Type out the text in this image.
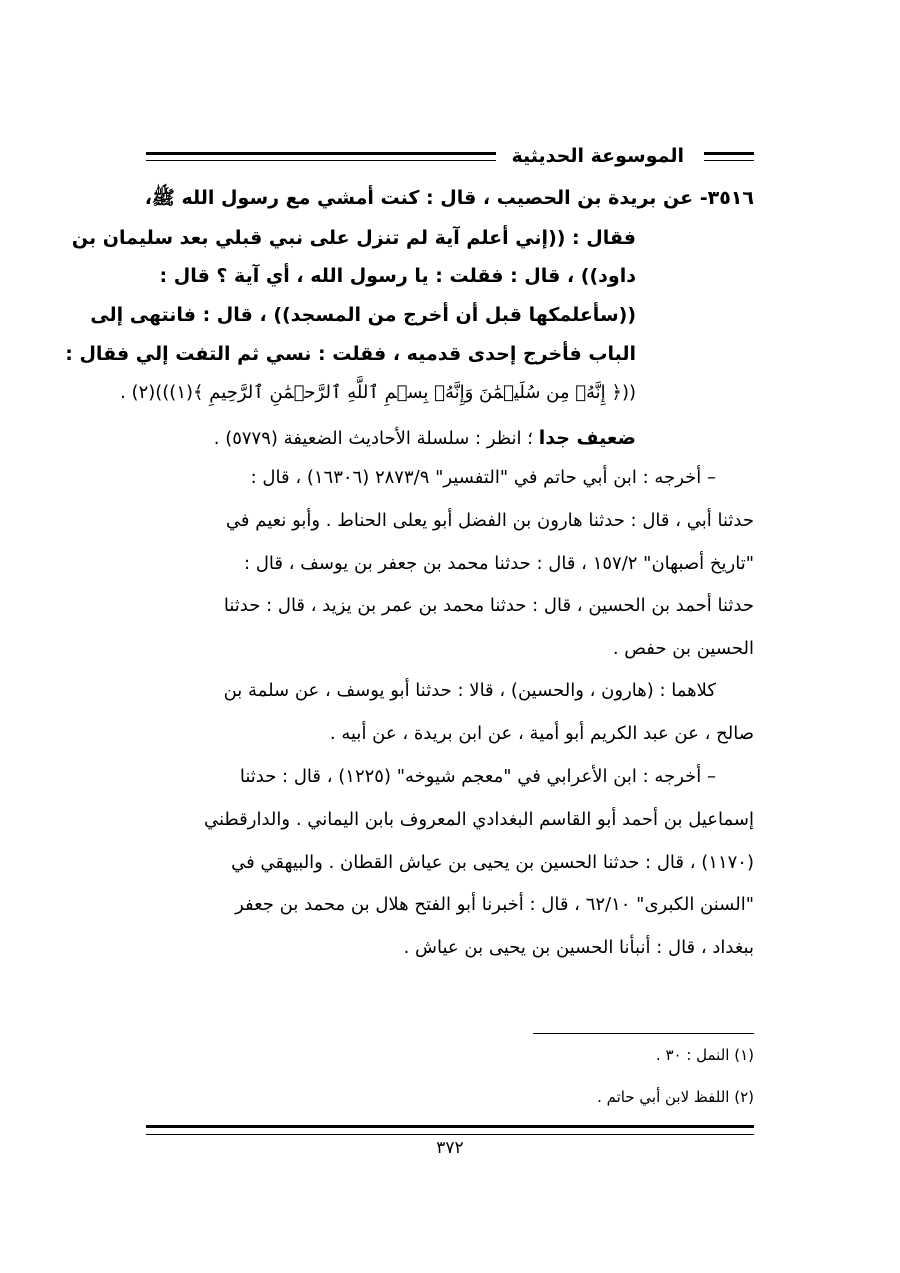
الموسوعة الحديثية
٣٥١٦- عن بريدة بن الحصيب ، قال : كنت أمشي مع رسول الله ﷺ،
فقال : ((إني أعلم آية لم تنزل على نبي قبلي بعد سليمان بن
داود)) ، قال : فقلت : يا رسول الله ، أي آية ؟ قال :
((سأعلمكها قبل أن أخرج من المسجد)) ، قال : فانتهى إلى
الباب فأخرج إحدى قدميه ، فقلت : نسي ثم التفت إلي فقال :
((﴿ إِنَّهُۥ مِن سُلَيۡمَٰنَ وَإِنَّهُۥ بِسۡمِ ٱللَّهِ ٱلرَّحۡمَٰنِ ٱلرَّحِيمِ ﴾(١)))(٢) .
ضعيف جدا ؛ انظر : سلسلة الأحاديث الضعيفة (٥٧٧٩) .
– أخرجه : ابن أبي حاتم في "التفسير" ٢٨٧٣/٩ (١٦٣٠٦) ، قال :
حدثنا أبي ، قال : حدثنا هارون بن الفضل أبو يعلى الحناط . وأبو نعيم في
"تاريخ أصبهان" ١٥٧/٢ ، قال : حدثنا محمد بن جعفر بن يوسف ، قال :
حدثنا أحمد بن الحسين ، قال : حدثنا محمد بن عمر بن يزيد ، قال : حدثنا
الحسين بن حفص .
كلاهما : (هارون ، والحسين) ، قالا : حدثنا أبو يوسف ، عن سلمة بن
صالح ، عن عبد الكريم أبو أمية ، عن ابن بريدة ، عن أبيه .
– أخرجه : ابن الأعرابي في "معجم شيوخه" (١٢٢٥) ، قال : حدثنا
إسماعيل بن أحمد أبو القاسم البغدادي المعروف بابن اليماني . والدارقطني
(١١٧٠) ، قال : حدثنا الحسين بن يحيى بن عياش القطان . والبيهقي في
"السنن الكبرى" ٦٢/١٠ ، قال : أخبرنا أبو الفتح هلال بن محمد بن جعفر
ببغداد ، قال : أنبأنا الحسين بن يحيى بن عياش .
(١) النمل : ٣٠ .
(٢) اللفظ لابن أبي حاتم .
٣٧٢
